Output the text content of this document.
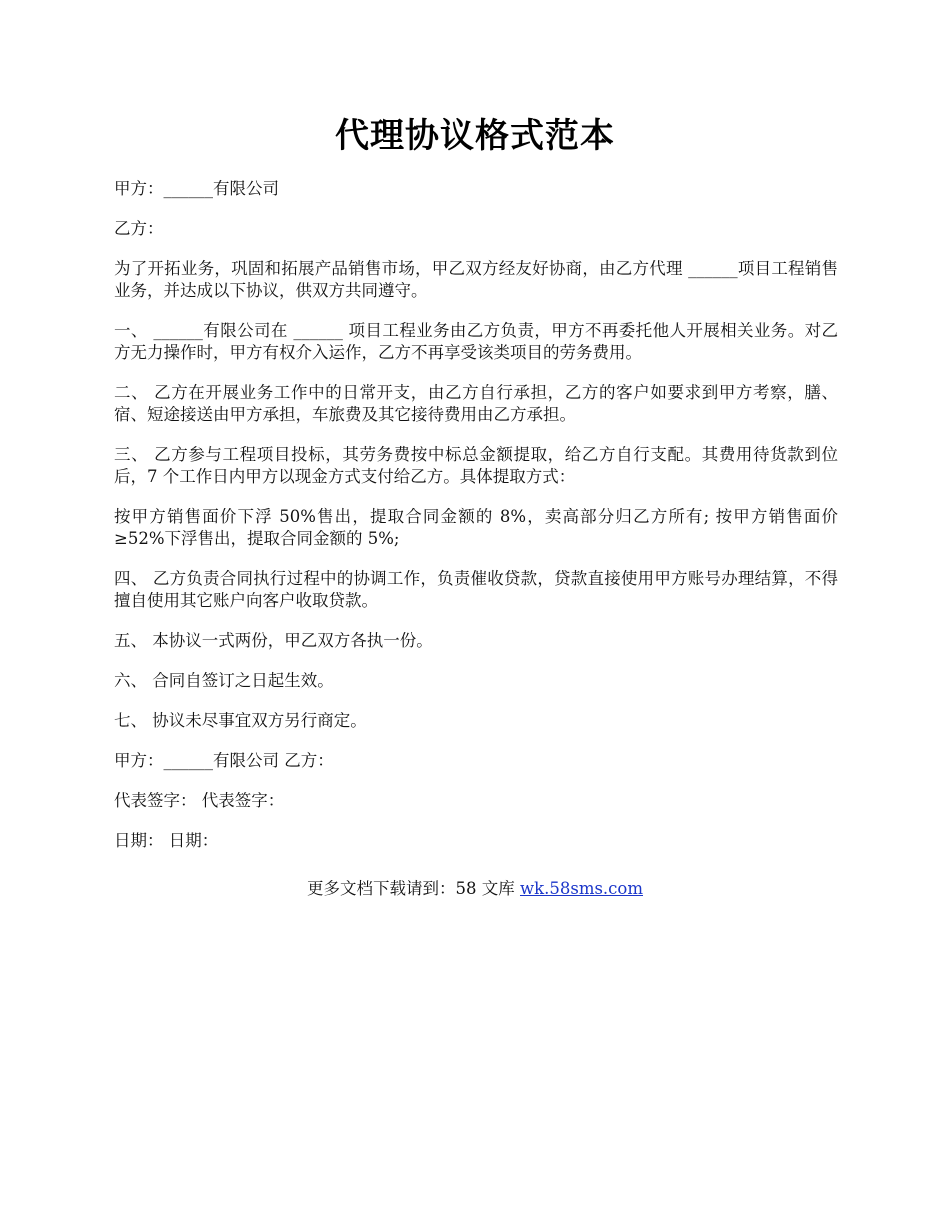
代理协议格式范本

甲方：______有限公司

乙方：

为了开拓业务，巩固和拓展产品销售市场，甲乙双方经友好协商，由乙方代理 ______项目工程销售业务，并达成以下协议，供双方共同遵守。

一、 ______有限公司在 ______ 项目工程业务由乙方负责，甲方不再委托他人开展相关业务。对乙方无力操作时，甲方有权介入运作，乙方不再享受该类项目的劳务费用。

二、 乙方在开展业务工作中的日常开支，由乙方自行承担，乙方的客户如要求到甲方考察，膳、宿、短途接送由甲方承担，车旅费及其它接待费用由乙方承担。

三、 乙方参与工程项目投标，其劳务费按中标总金额提取，给乙方自行支配。其费用待货款到位后，7 个工作日内甲方以现金方式支付给乙方。具体提取方式：

按甲方销售面价下浮 50%售出，提取合同金额的 8%，卖高部分归乙方所有; 按甲方销售面价≥52%下浮售出，提取合同金额的 5%;

四、 乙方负责合同执行过程中的协调工作，负责催收贷款，贷款直接使用甲方账号办理结算，不得擅自使用其它账户向客户收取贷款。

五、 本协议一式两份，甲乙双方各执一份。

六、 合同自签订之日起生效。

七、 协议未尽事宜双方另行商定。

甲方：______有限公司 乙方：

代表签字： 代表签字：

日期： 日期：

更多文档下载请到：58 文库 wk.58sms.com
